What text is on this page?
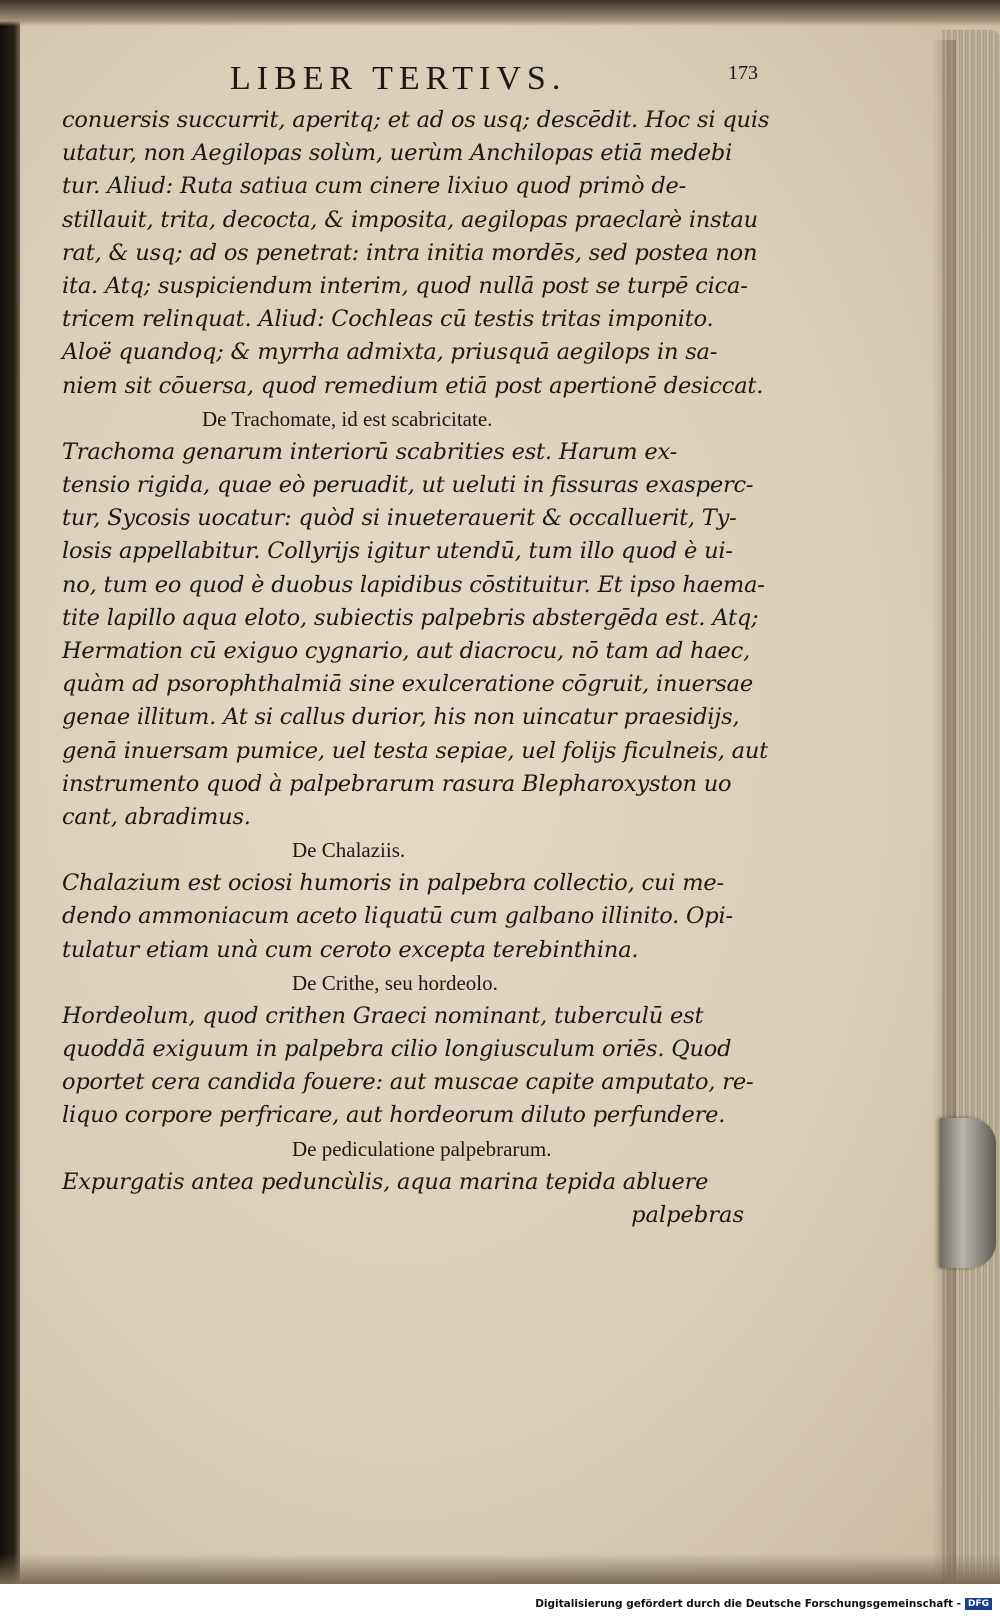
LIBER TERTIVS.	173
conuersis succurrit, aperitq; et ad os usq; descēdit. Hoc si quis
utatur, non Aegilopas solùm, uerùm Anchilopas etiā medebi
tur. Aliud: Ruta satiua cum cinere lixiuo quod primò de-
stillauit, trita, decocta, & imposita, aegilopas praeclarè instau
rat, & usq; ad os penetrat: intra initia mordēs, sed postea non
ita. Atq; suspiciendum interim, quod nullā post se turpē cica-
tricem relinquat. Aliud: Cochleas cū testis tritas imponito.
Aloë quandoq; & myrrha admixta, priusquā aegilops in sa-
niem sit cōuersa, quod remedium etiā post apertionē desiccat.
De Trachomate, id est scabricitate.
Trachoma genarum interiorū scabrities est. Harum ex-
tensio rigida, quae eò peruadit, ut ueluti in fissuras exasperc-
tur, Sycosis uocatur: quòd si inueterauerit & occalluerit, Ty-
losis appellabitur. Collyrijs igitur utendū, tum illo quod è ui-
no, tum eo quod è duobus lapidibus cōstituitur. Et ipso haema-
tite lapillo aqua eloto, subiectis palpebris abstergēda est. Atq;
Hermation cū exiguo cygnario, aut diacrocu, nō tam ad haec,
quàm ad psorophthalmiā sine exulceratione cōgruit, inuersae
genae illitum. At si callus durior, his non uincatur praesidijs,
genā inuersam pumice, uel testa sepiae, uel folijs ficulneis, aut
instrumento quod à palpebrarum rasura Blepharoxyston uo
cant, abradimus.
De Chalaziis.
Chalazium est ociosi humoris in palpebra collectio, cui me-
dendo ammoniacum aceto liquatū cum galbano illinito. Opi-
tulatur etiam unà cum ceroto excepta terebinthina.
De Crithe, seu hordeolo.
Hordeolum, quod crithen Graeci nominant, tuberculū est
quoddā exiguum in palpebra cilio longiusculum oriēs. Quod
oportet cera candida fouere: aut muscae capite amputato, re-
liquo corpore perfricare, aut hordeorum diluto perfundere.
De pediculatione palpebrarum.
Expurgatis antea peduncùlis, aqua marina tepida abluere
palpebras
Digitalisierung gefördert durch die Deutsche Forschungsgemeinschaft - DFG
